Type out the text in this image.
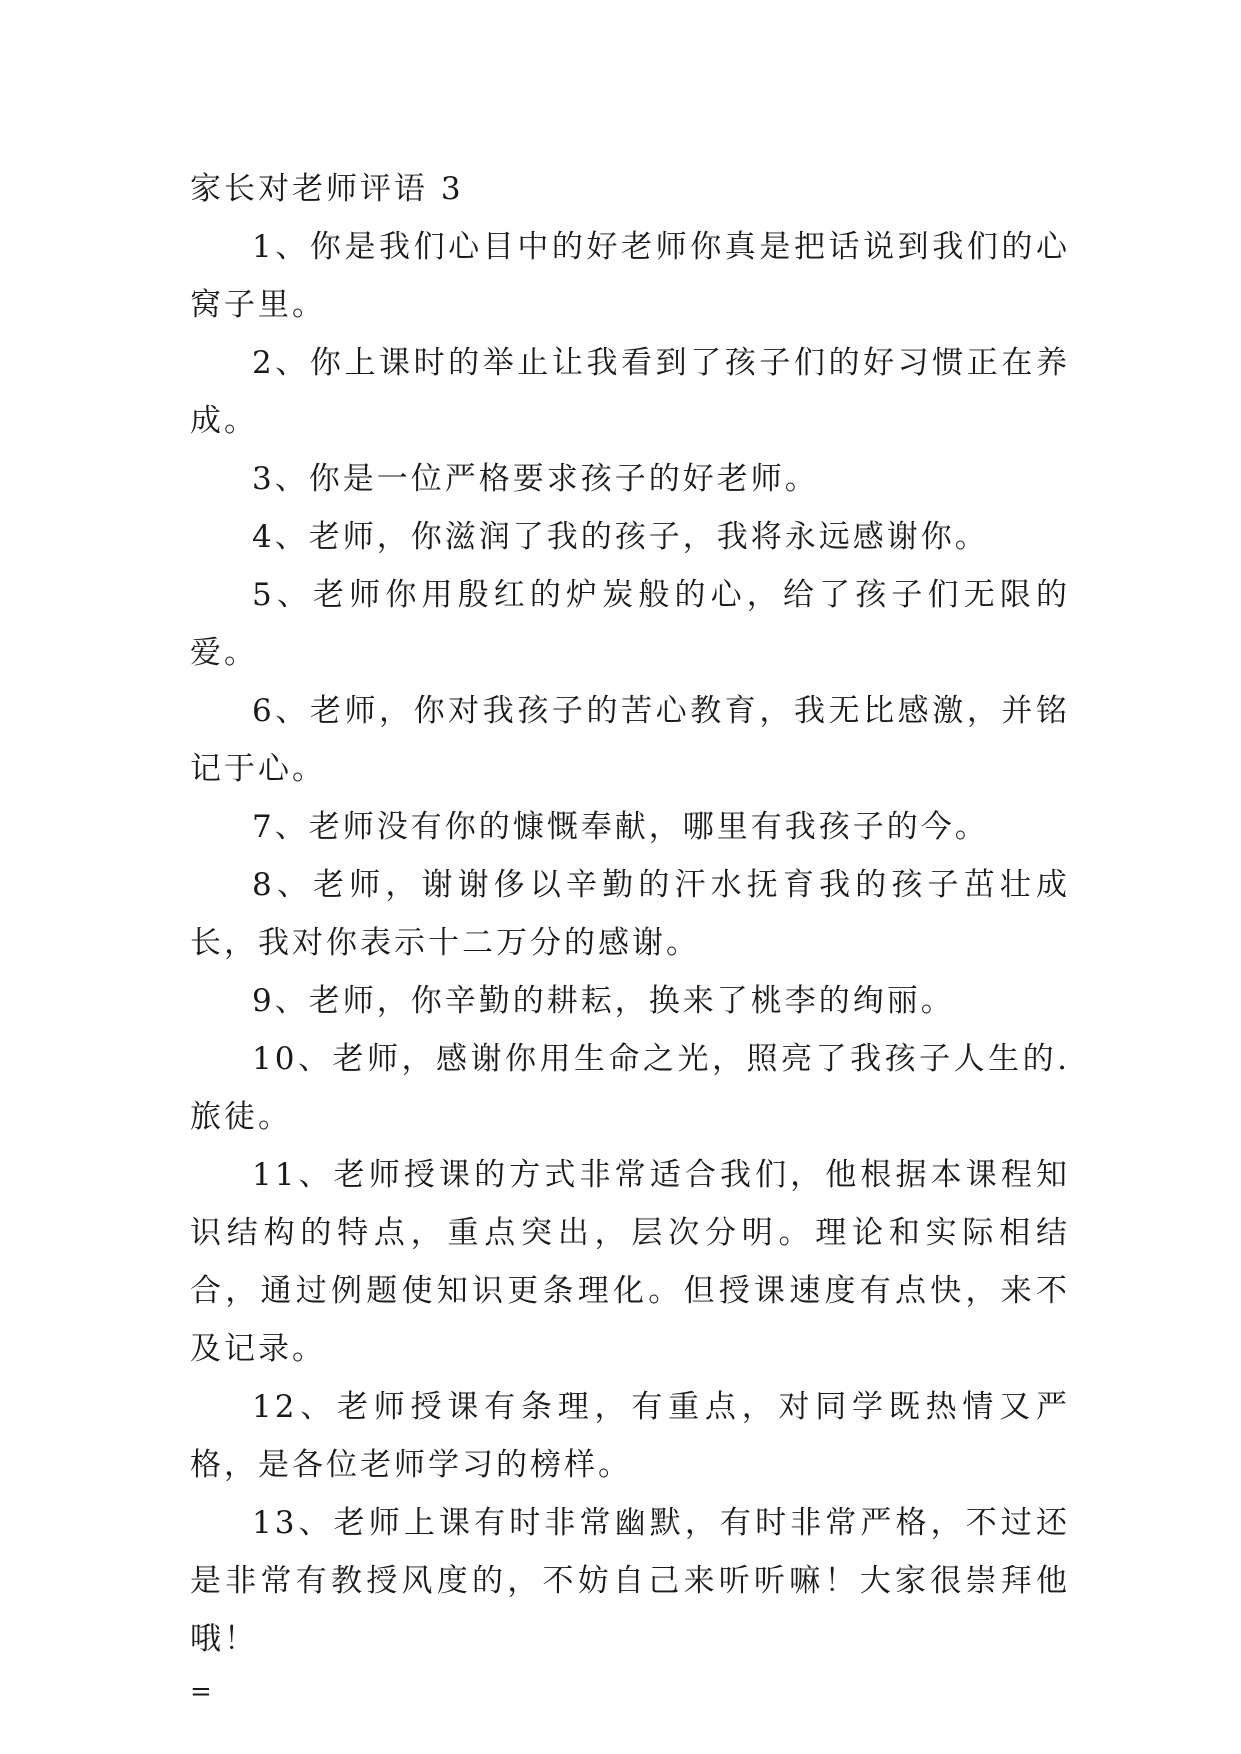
家长对老师评语 3

1、你是我们心目中的好老师你真是把话说到我们的心窝子里。

2、你上课时的举止让我看到了孩子们的好习惯正在养成。

3、你是一位严格要求孩子的好老师。

4、老师，你滋润了我的孩子，我将永远感谢你。

5、老师你用殷红的炉炭般的心，给了孩子们无限的爱。

6、老师，你对我孩子的苦心教育，我无比感激，并铭记于心。

7、老师没有你的慷慨奉献，哪里有我孩子的今。

8、老师，谢谢侈以辛勤的汗水抚育我的孩子茁壮成长，我对你表示十二万分的感谢。

9、老师，你辛勤的耕耘，换来了桃李的绚丽。

10、老师，感谢你用生命之光，照亮了我孩子人生的.旅徒。

11、老师授课的方式非常适合我们，他根据本课程知识结构的特点，重点突出，层次分明。理论和实际相结合，通过例题使知识更条理化。但授课速度有点快，来不及记录。

12、老师授课有条理，有重点，对同学既热情又严格，是各位老师学习的榜样。

13、老师上课有时非常幽默，有时非常严格，不过还是非常有教授风度的，不妨自己来听听嘛！大家很崇拜他哦！

=
